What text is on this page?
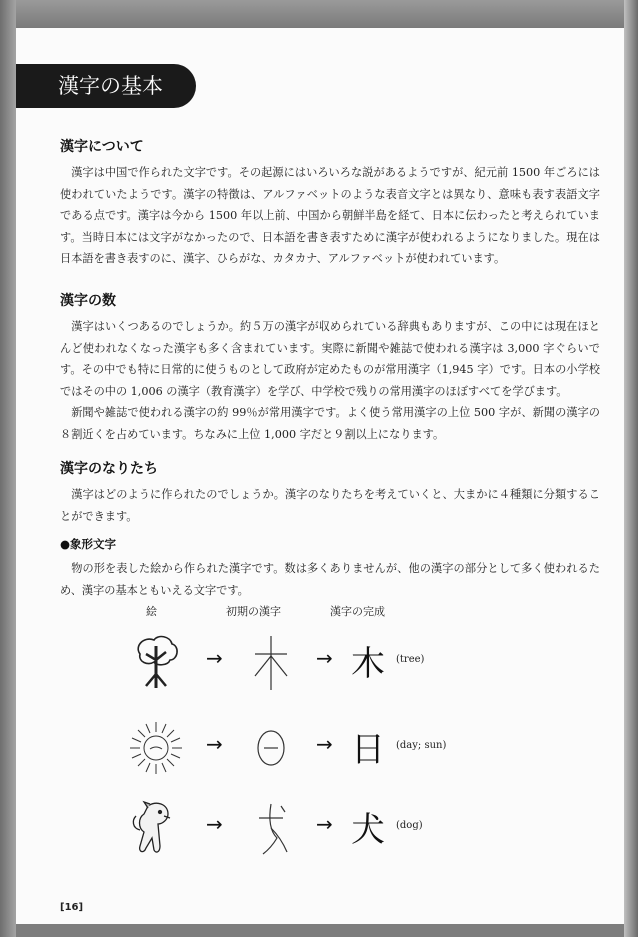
漢字の基本
漢字について

漢字は中国で作られた文字です。その起源にはいろいろな説があるようですが、紀元前 1500 年ごろには使われていたようです。漢字の特徴は、アルファベットのような表音文字とは異なり、意味も表す表語文字である点です。漢字は今から 1500 年以上前、中国から朝鮮半島を経て、日本に伝わったと考えられています。当時日本には文字がなかったので、日本語を書き表すために漢字が使われるようになりました。現在は日本語を書き表すのに、漢字、ひらがな、カタカナ、アルファベットが使われています。

漢字の数

漢字はいくつあるのでしょうか。約５万の漢字が収められている辞典もありますが、この中には現在ほとんど使われなくなった漢字も多く含まれています。実際に新聞や雑誌で使われる漢字は 3,000 字ぐらいです。その中でも特に日常的に使うものとして政府が定めたものが常用漢字（1,945 字）です。日本の小学校ではその中の 1,006 の漢字（教育漢字）を学び、中学校で残りの常用漢字のほぼすべてを学びます。

新聞や雑誌で使われる漢字の約 99％が常用漢字です。よく使う常用漢字の上位 500 字が、新聞の漢字の８割近くを占めています。ちなみに上位 1,000 字だと９割以上になります。

漢字のなりたち

漢字はどのように作られたのでしょうか。漢字のなりたちを考えていくと、大まかに４種類に分類することができます。

●象形文字

物の形を表した絵から作られた漢字です。数は多くありませんが、他の漢字の部分として多く使われるため、漢字の基本ともいえる文字です。

絵	初期の漢字	漢字の完成
→	→ 木 (tree)
→	→ 日 (day; sun)
→	→ 犬 (dog)
[16]
